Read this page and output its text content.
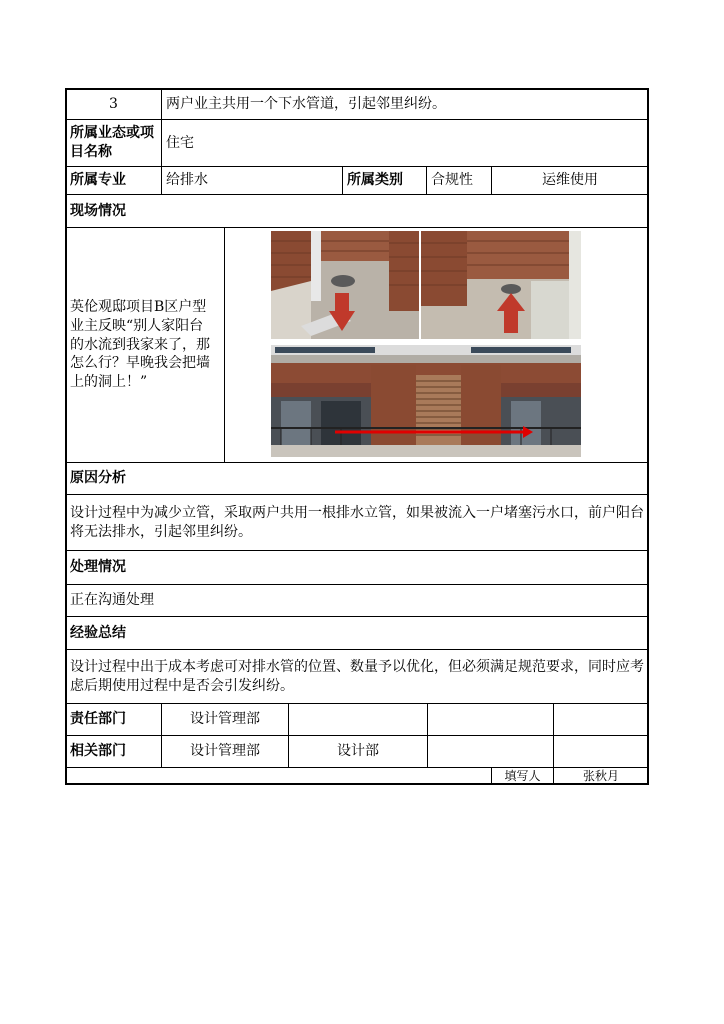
3	两户业主共用一个下水管道，引起邻里纠纷。
所属业态或项目名称
住宅
所属专业	给排水	所属类别	合规性	运维使用
现场情况
英伦观邸项目B区户型业主反映“别人家阳台的水流到我家来了，那怎么行？早晚我会把墙上的洞上！”
原因分析
设计过程中为减少立管，采取两户共用一根排水立管，如果被流入一户堵塞污水口，前户阳台将无法排水，引起邻里纠纷。
处理情况
正在沟通处理
经验总结
设计过程中出于成本考虑可对排水管的位置、数量予以优化，但必须满足规范要求，同时应考虑后期使用过程中是否会引发纠纷。
责任部门	设计管理部
相关部门	设计管理部	设计部
填写人	张秋月
